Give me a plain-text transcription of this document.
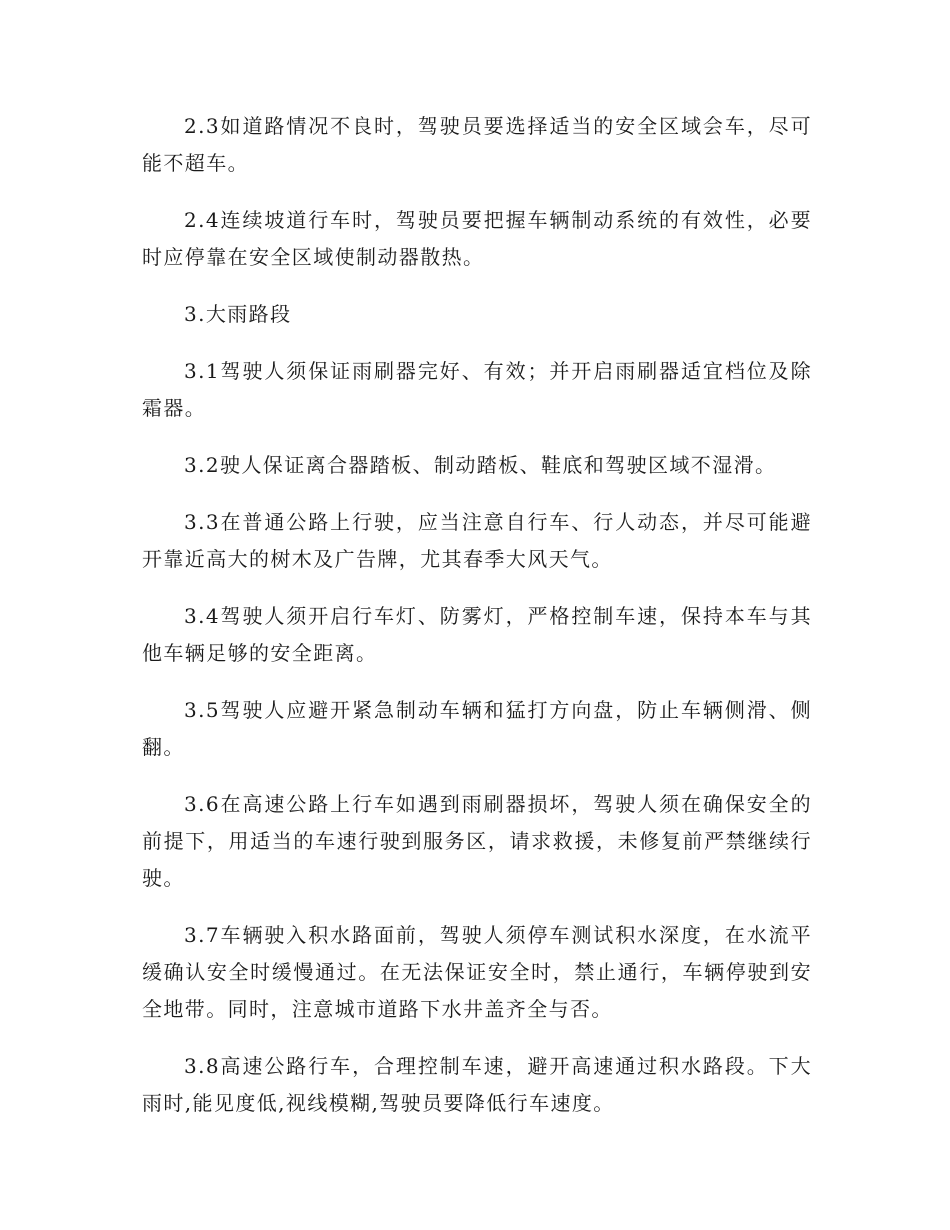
2.3如道路情况不良时，驾驶员要选择适当的安全区域会车，尽可能不超车。

2.4连续坡道行车时，驾驶员要把握车辆制动系统的有效性，必要时应停靠在安全区域使制动器散热。

3.大雨路段

3.1驾驶人须保证雨刷器完好、有效；并开启雨刷器适宜档位及除霜器。

3.2驶人保证离合器踏板、制动踏板、鞋底和驾驶区域不湿滑。

3.3在普通公路上行驶，应当注意自行车、行人动态，并尽可能避开靠近高大的树木及广告牌，尤其春季大风天气。

3.4驾驶人须开启行车灯、防雾灯，严格控制车速，保持本车与其他车辆足够的安全距离。

3.5驾驶人应避开紧急制动车辆和猛打方向盘，防止车辆侧滑、侧翻。

3.6在高速公路上行车如遇到雨刷器损坏，驾驶人须在确保安全的前提下，用适当的车速行驶到服务区，请求救援，未修复前严禁继续行驶。

3.7车辆驶入积水路面前，驾驶人须停车测试积水深度，在水流平缓确认安全时缓慢通过。在无法保证安全时，禁止通行，车辆停驶到安全地带。同时，注意城市道路下水井盖齐全与否。

3.8高速公路行车，合理控制车速，避开高速通过积水路段。下大雨时,能见度低,视线模糊,驾驶员要降低行车速度。
